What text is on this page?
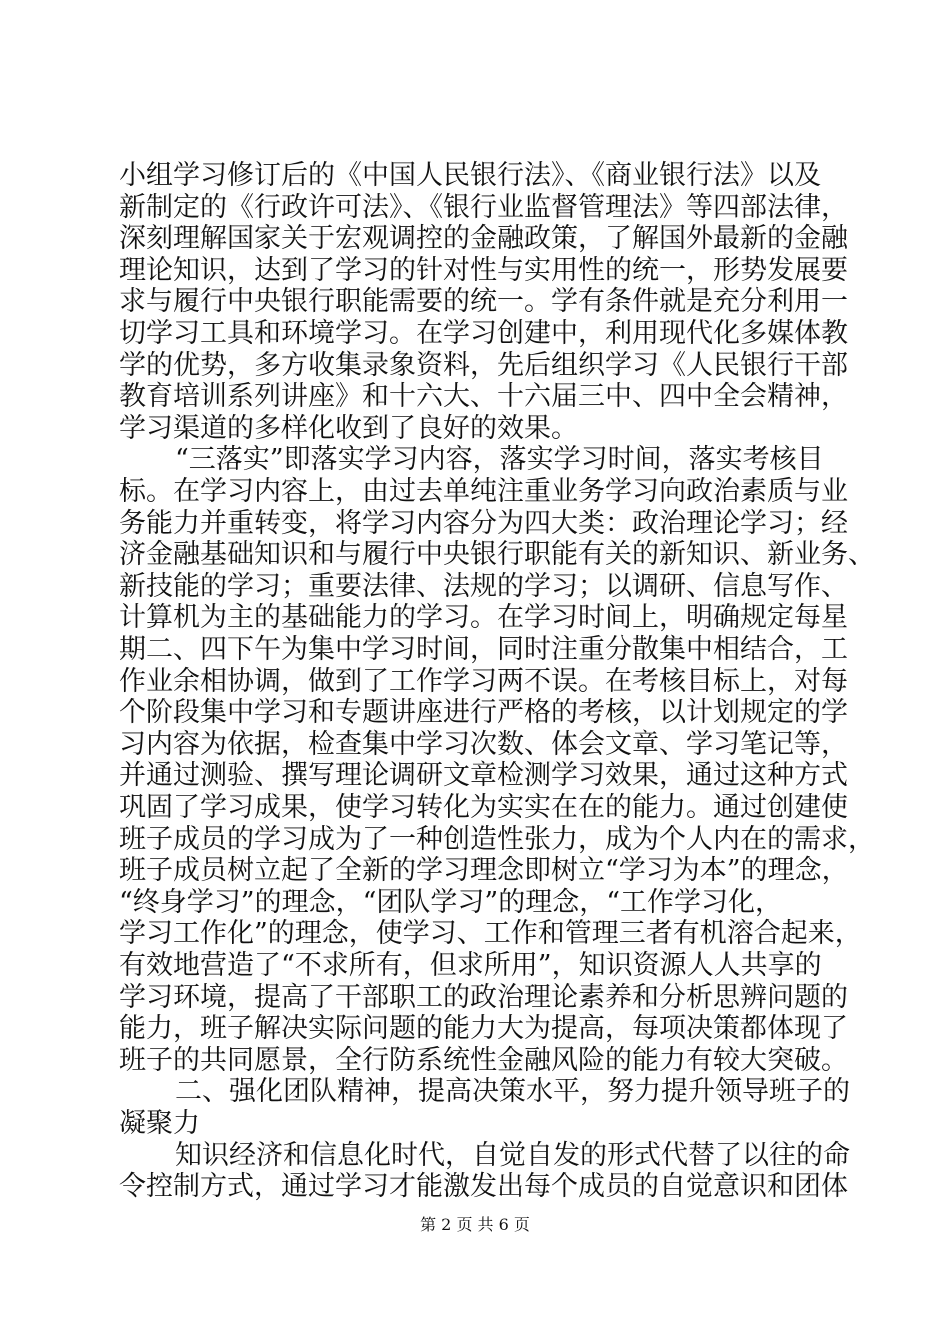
小组学习修订后的《中国人民银行法》、《商业银行法》以及
新制定的《行政许可法》、《银行业监督管理法》等四部法律，
深刻理解国家关于宏观调控的金融政策，了解国外最新的金融
理论知识，达到了学习的针对性与实用性的统一，形势发展要
求与履行中央银行职能需要的统一。学有条件就是充分利用一
切学习工具和环境学习。在学习创建中，利用现代化多媒体教
学的优势，多方收集录象资料，先后组织学习《人民银行干部
教育培训系列讲座》和十六大、十六届三中、四中全会精神，
学习渠道的多样化收到了良好的效果。
“三落实”即落实学习内容，落实学习时间，落实考核目
标。在学习内容上，由过去单纯注重业务学习向政治素质与业
务能力并重转变，将学习内容分为四大类：政治理论学习；经
济金融基础知识和与履行中央银行职能有关的新知识、新业务、
新技能的学习；重要法律、法规的学习；以调研、信息写作、
计算机为主的基础能力的学习。在学习时间上，明确规定每星
期二、四下午为集中学习时间，同时注重分散集中相结合，工
作业余相协调，做到了工作学习两不误。在考核目标上，对每
个阶段集中学习和专题讲座进行严格的考核，以计划规定的学
习内容为依据，检查集中学习次数、体会文章、学习笔记等，
并通过测验、撰写理论调研文章检测学习效果，通过这种方式
巩固了学习成果，使学习转化为实实在在的能力。通过创建使
班子成员的学习成为了一种创造性张力，成为个人内在的需求，
班子成员树立起了全新的学习理念即树立“学习为本”的理念，
“终身学习”的理念，“团队学习”的理念，“工作学习化，
学习工作化”的理念，使学习、工作和管理三者有机溶合起来，
有效地营造了“不求所有，但求所用”，知识资源人人共享的
学习环境，提高了干部职工的政治理论素养和分析思辨问题的
能力，班子解决实际问题的能力大为提高，每项决策都体现了
班子的共同愿景，全行防系统性金融风险的能力有较大突破。
二、强化团队精神，提高决策水平，努力提升领导班子的
凝聚力
知识经济和信息化时代，自觉自发的形式代替了以往的命
令控制方式，通过学习才能激发出每个成员的自觉意识和团体
第 2 页 共 6 页
